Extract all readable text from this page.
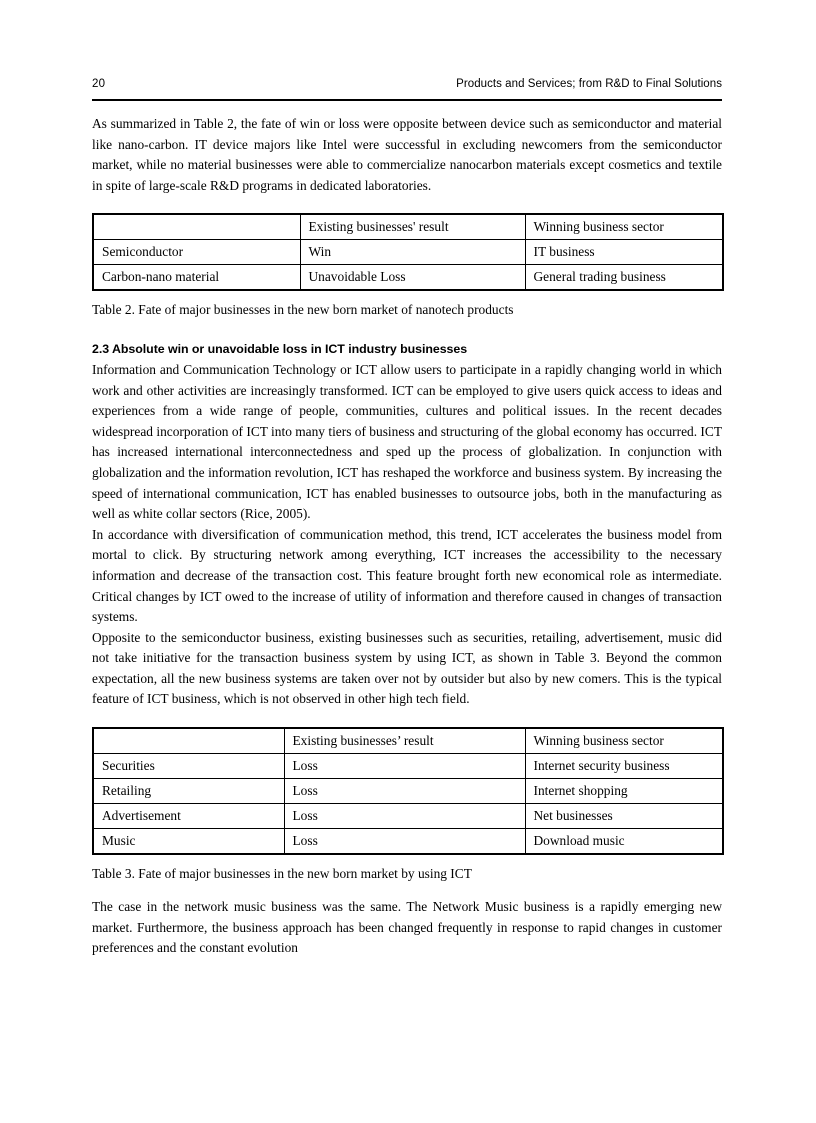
20	Products and Services; from R&D to Final Solutions

As summarized in Table 2, the fate of win or loss were opposite between device such as semiconductor and material like nano-carbon. IT device majors like Intel were successful in excluding newcomers from the semiconductor market, while no material businesses were able to commercialize nanocarbon materials except cosmetics and textile in spite of large-scale R&D programs in dedicated laboratories.

	Existing businesses' result	Winning business sector
Semiconductor	Win	IT business
Carbon-nano material	Unavoidable Loss	General trading business

Table 2. Fate of major businesses in the new born market of nanotech products

2.3 Absolute win or unavoidable loss in ICT industry businesses

Information and Communication Technology or ICT allow users to participate in a rapidly changing world in which work and other activities are increasingly transformed. ICT can be employed to give users quick access to ideas and experiences from a wide range of people, communities, cultures and political issues. In the recent decades widespread incorporation of ICT into many tiers of business and structuring of the global economy has occurred. ICT has increased international interconnectedness and sped up the process of globalization. In conjunction with globalization and the information revolution, ICT has reshaped the workforce and business system. By increasing the speed of international communication, ICT has enabled businesses to outsource jobs, both in the manufacturing as well as white collar sectors (Rice, 2005).

In accordance with diversification of communication method, this trend, ICT accelerates the business model from mortal to click. By structuring network among everything, ICT increases the accessibility to the necessary information and decrease of the transaction cost. This feature brought forth new economical role as intermediate. Critical changes by ICT owed to the increase of utility of information and therefore caused in changes of transaction systems.

Opposite to the semiconductor business, existing businesses such as securities, retailing, advertisement, music did not take initiative for the transaction business system by using ICT, as shown in Table 3. Beyond the common expectation, all the new business systems are taken over not by outsider but also by new comers. This is the typical feature of ICT business, which is not observed in other high tech field.

	Existing businesses’ result	Winning business sector
Securities	Loss	Internet security business
Retailing	Loss	Internet shopping
Advertisement	Loss	Net businesses
Music	Loss	Download music

Table 3. Fate of major businesses in the new born market by using ICT

The case in the network music business was the same. The Network Music business is a rapidly emerging new market. Furthermore, the business approach has been changed frequently in response to rapid changes in customer preferences and the constant evolution
